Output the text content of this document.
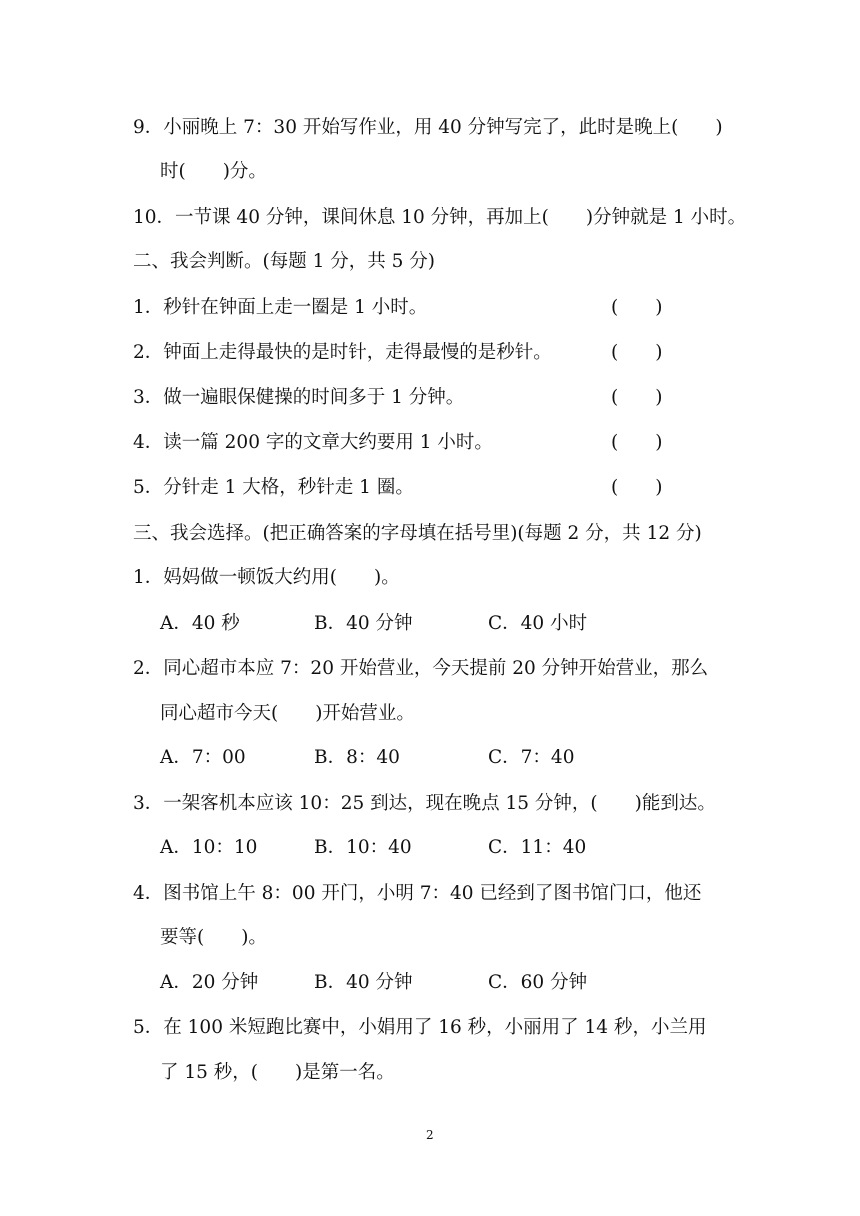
9．小丽晚上 7：30 开始写作业，用 40 分钟写完了，此时是晚上(　　)
时(　　)分。
10．一节课 40 分钟，课间休息 10 分钟，再加上(　　)分钟就是 1 小时。
二、我会判断。(每题 1 分，共 5 分)
1．秒针在钟面上走一圈是 1 小时。	(　　)
2．钟面上走得最快的是时针，走得最慢的是秒针。	(　　)
3．做一遍眼保健操的时间多于 1 分钟。	(　　)
4．读一篇 200 字的文章大约要用 1 小时。	(　　)
5．分针走 1 大格，秒针走 1 圈。	(　　)
三、我会选择。(把正确答案的字母填在括号里)(每题 2 分，共 12 分)
1．妈妈做一顿饭大约用(　　)。
A．40 秒	B．40 分钟	C．40 小时
2．同心超市本应 7：20 开始营业，今天提前 20 分钟开始营业，那么
同心超市今天(　　)开始营业。
A．7：00	B．8：40	C．7：40
3．一架客机本应该 10：25 到达，现在晚点 15 分钟，(　　)能到达。
A．10：10	B．10：40	C．11：40
4．图书馆上午 8：00 开门，小明 7：40 已经到了图书馆门口，他还
要等(　　)。
A．20 分钟	B．40 分钟	C．60 分钟
5．在 100 米短跑比赛中，小娟用了 16 秒，小丽用了 14 秒，小兰用
了 15 秒，(　　)是第一名。
2
